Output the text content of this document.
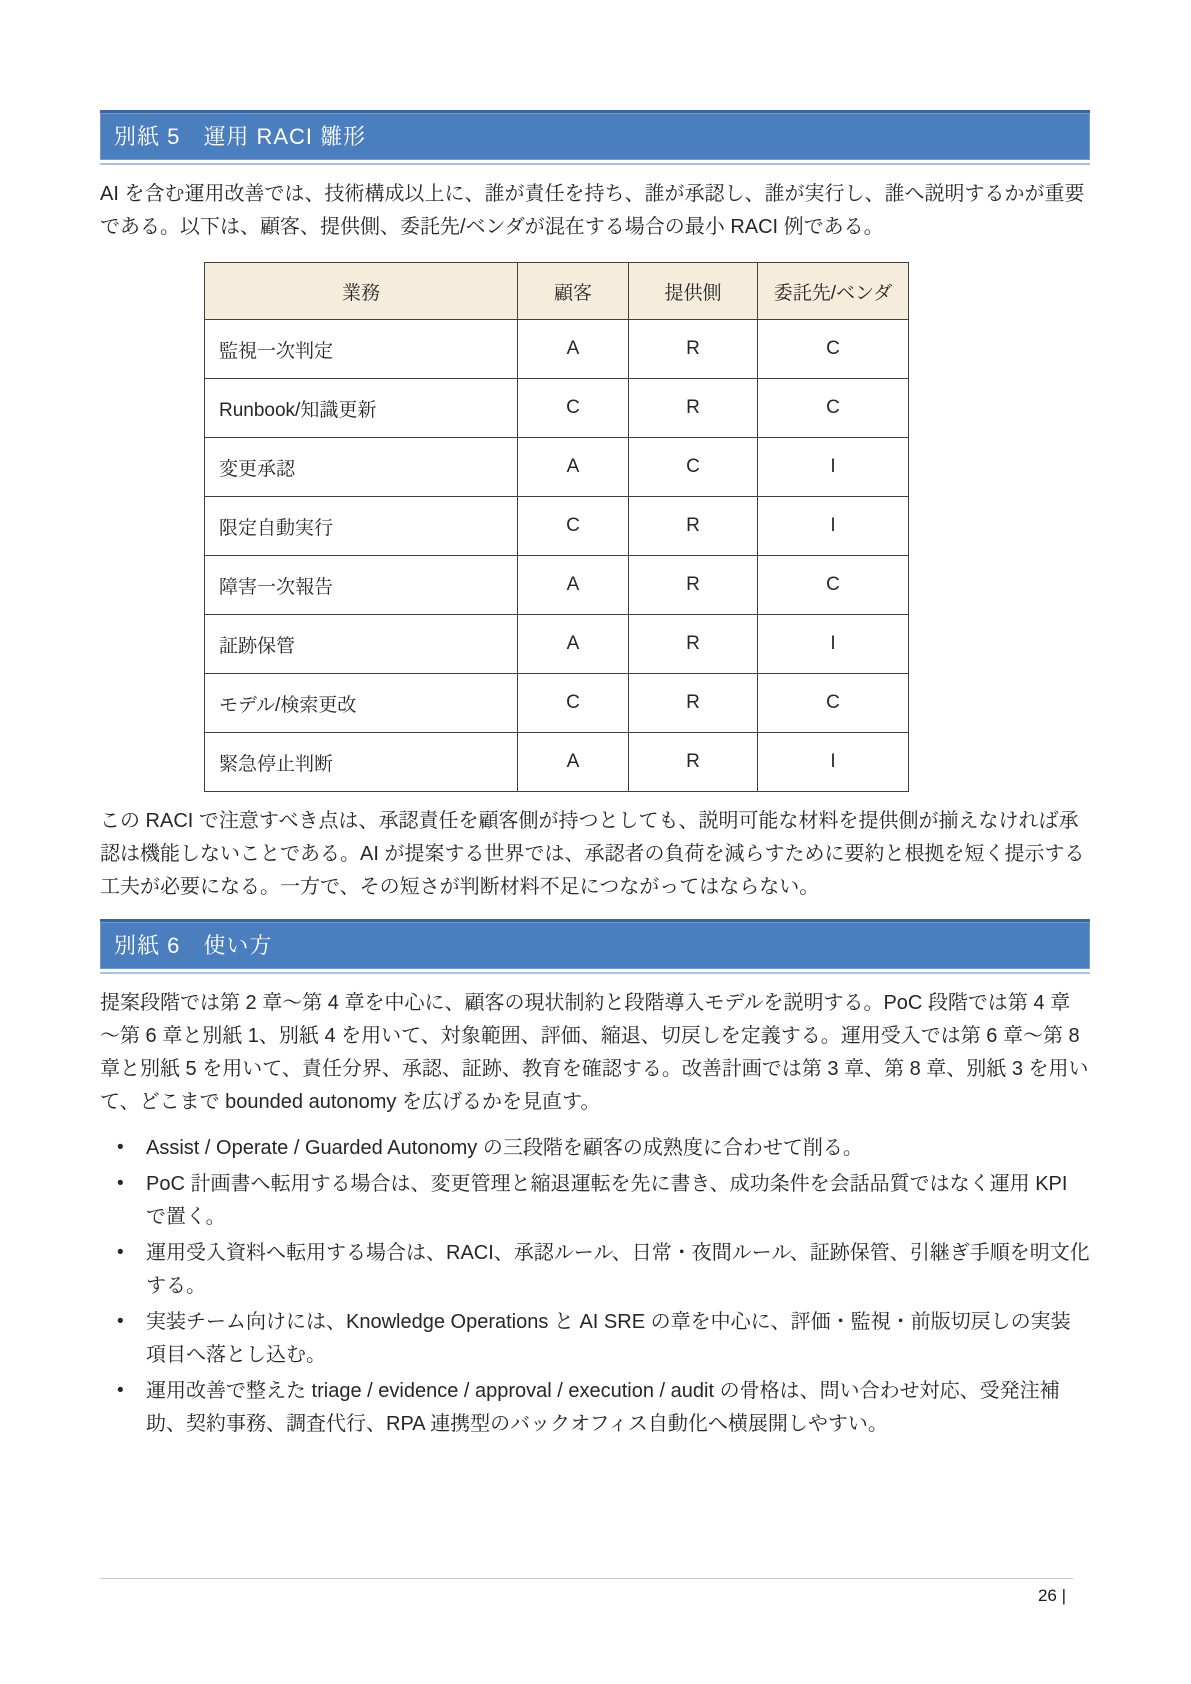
別紙 5　運用 RACI 雛形

AI を含む運用改善では、技術構成以上に、誰が責任を持ち、誰が承認し、誰が実行し、誰へ説明するかが重要である。以下は、顧客、提供側、委託先/ベンダが混在する場合の最小 RACI 例である。

業務	顧客	提供側	委託先/ベンダ
監視一次判定	A	R	C
Runbook/知識更新	C	R	C
変更承認	A	C	I
限定自動実行	C	R	I
障害一次報告	A	R	C
証跡保管	A	R	I
モデル/検索更改	C	R	C
緊急停止判断	A	R	I

この RACI で注意すべき点は、承認責任を顧客側が持つとしても、説明可能な材料を提供側が揃えなければ承認は機能しないことである。AI が提案する世界では、承認者の負荷を減らすために要約と根拠を短く提示する工夫が必要になる。一方で、その短さが判断材料不足につながってはならない。

別紙 6　使い方

提案段階では第 2 章～第 4 章を中心に、顧客の現状制約と段階導入モデルを説明する。PoC 段階では第 4 章～第 6 章と別紙 1、別紙 4 を用いて、対象範囲、評価、縮退、切戻しを定義する。運用受入では第 6 章～第 8 章と別紙 5 を用いて、責任分界、承認、証跡、教育を確認する。改善計画では第 3 章、第 8 章、別紙 3 を用いて、どこまで bounded autonomy を広げるかを見直す。

• Assist / Operate / Guarded Autonomy の三段階を顧客の成熟度に合わせて削る。
• PoC 計画書へ転用する場合は、変更管理と縮退運転を先に書き、成功条件を会話品質ではなく運用 KPI で置く。
• 運用受入資料へ転用する場合は、RACI、承認ルール、日常・夜間ルール、証跡保管、引継ぎ手順を明文化する。
• 実装チーム向けには、Knowledge Operations と AI SRE の章を中心に、評価・監視・前版切戻しの実装項目へ落とし込む。
• 運用改善で整えた triage / evidence / approval / execution / audit の骨格は、問い合わせ対応、受発注補助、契約事務、調査代行、RPA 連携型のバックオフィス自動化へ横展開しやすい。
26 |
